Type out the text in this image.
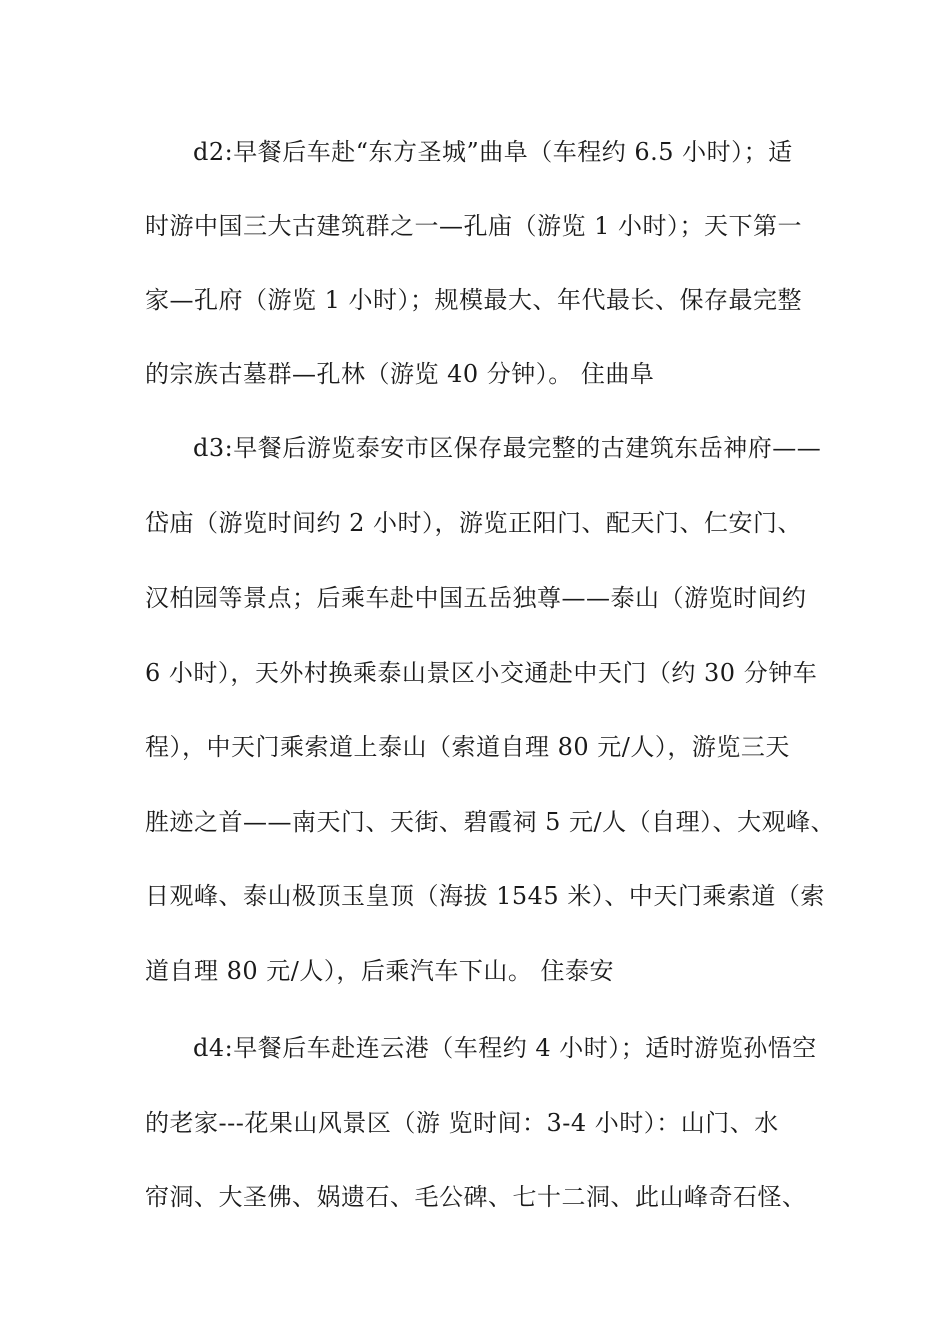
d2:早餐后车赴“东方圣城”曲阜（车程约 6.5 小时）；适
时游中国三大古建筑群之一—孔庙（游览 1 小时）；天下第一
家—孔府（游览 1 小时）；规模最大、年代最长、保存最完整
的宗族古墓群—孔林（游览 40 分钟）。 住曲阜
d3:早餐后游览泰安市区保存最完整的古建筑东岳神府——
岱庙（游览时间约 2 小时），游览正阳门、配天门、仁安门、
汉柏园等景点；后乘车赴中国五岳独尊——泰山（游览时间约
6 小时），天外村换乘泰山景区小交通赴中天门（约 30 分钟车
程），中天门乘索道上泰山（索道自理 80 元/人），游览三天
胜迹之首——南天门、天街、碧霞祠 5 元/人（自理）、大观峰、
日观峰、泰山极顶玉皇顶（海拔 1545 米）、中天门乘索道（索
道自理 80 元/人），后乘汽车下山。 住泰安
d4:早餐后车赴连云港（车程约 4 小时）；适时游览孙悟空
的老家---花果山风景区（游 览时间：3-4 小时）：山门、水
帘洞、大圣佛、娲遗石、毛公碑、七十二洞、此山峰奇石怪、
